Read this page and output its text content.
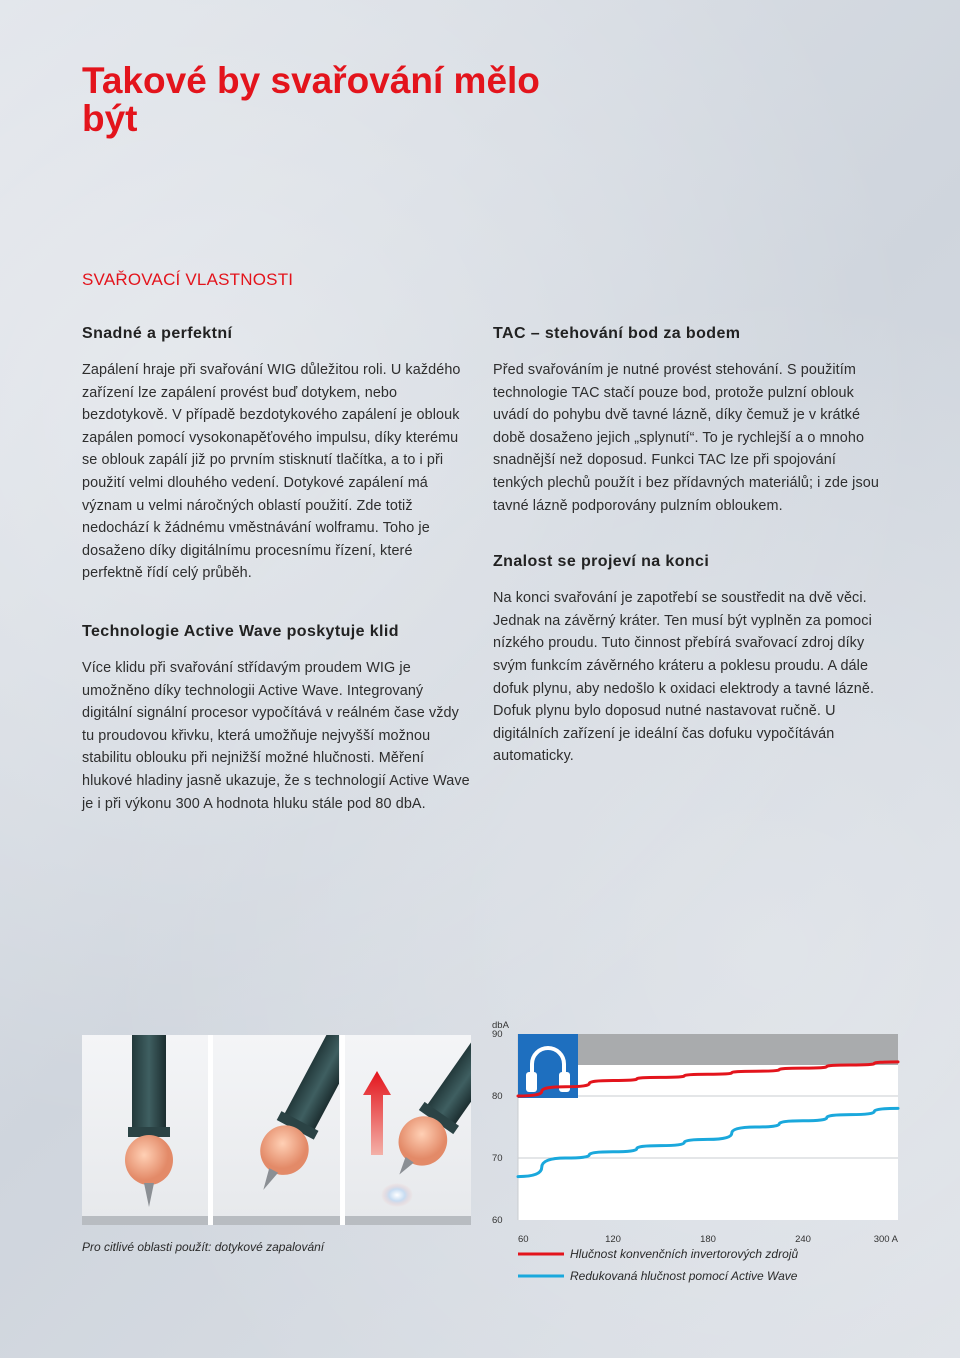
Takové by svařování mělo být
SVAŘOVACÍ VLASTNOSTI
Snadné a perfektní

Zapálení hraje při svařování WIG důležitou roli. U každého zařízení lze zapálení provést buď dotykem, nebo bezdotykově. V případě bezdotykového zapálení je oblouk zapálen pomocí vysokonapěťového impulsu, díky kterému se oblouk zapálí již po prvním stisknutí tlačítka, a to i při použití velmi dlouhého vedení. Dotykové zapálení má význam u velmi náročných oblastí použití. Zde totiž nedochází k žádnému vměstnávání wolframu. Toho je dosaženo díky digitálnímu procesnímu řízení, které perfektně řídí celý průběh.

Technologie Active Wave poskytuje klid

Více klidu při svařování střídavým proudem WIG je umožněno díky technologii Active Wave. Integrovaný digitální signální procesor vypočítává v reálném čase vždy tu proudovou křivku, která umožňuje nejvyšší možnou stabilitu oblouku při nejnižší možné hlučnosti. Měření hlukové hladiny jasně ukazuje, že s technologií Active Wave je i při výkonu 300 A hodnota hluku stále pod 80 dbA.

TAC – stehování bod za bodem

Před svařováním je nutné provést stehování. S použitím technologie TAC stačí pouze bod, protože pulzní oblouk uvádí do pohybu dvě tavné lázně, díky čemuž je v krátké době dosaženo jejich „splynutí“. To je rychlejší a o mnoho snadnější než doposud. Funkci TAC lze při spojování tenkých plechů použít i bez přídavných materiálů; i zde jsou tavné lázně podporovány pulzním obloukem.

Znalost se projeví na konci

Na konci svařování je zapotřebí se soustředit na dvě věci. Jednak na závěrný kráter. Ten musí být vyplněn za pomoci nízkého proudu. Tuto činnost přebírá svařovací zdroj díky svým funkcím závěrného kráteru a poklesu proudu. A dále dofuk plynu, aby nedošlo k oxidaci elektrody a tavné lázně. Dofuk plynu bylo doposud nutné nastavovat ručně. U digitálních zařízení je ideální čas dofuku vypočítáván automaticky.

Pro citlivé oblasti použít: dotykové zapalování
dbA
90
80
70
60
60	120	180	240	300 A
Hlučnost konvenčních invertorových zdrojů
Redukovaná hlučnost pomocí Active Wave
